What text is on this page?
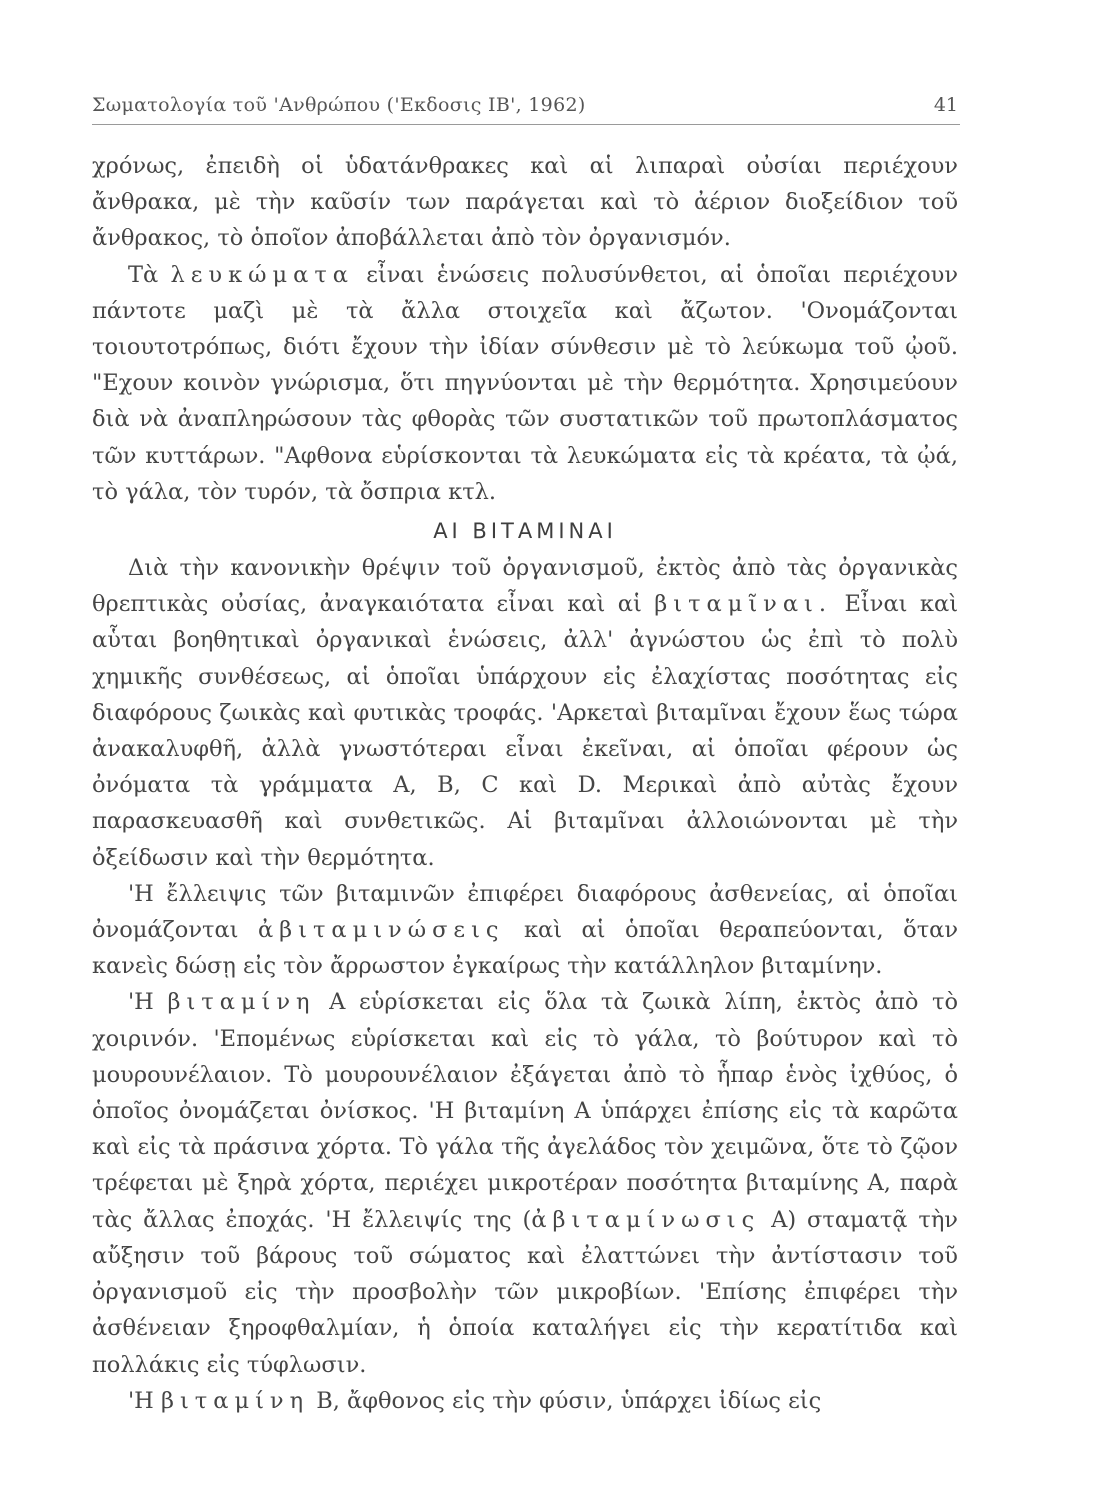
Σωματολογία τοῦ 'Ανθρώπου ('Εκδοσις ΙΒ', 1962)	41

χρόνως, ἐπειδὴ οἱ ὑδατάνθρακες καὶ αἱ λιπαραὶ οὐσίαι περιέχουν ἄνθρακα, μὲ τὴν καῦσίν των παράγεται καὶ τὸ ἀέριον διοξείδιον τοῦ ἄνθρακος, τὸ ὁποῖον ἀποβάλλεται ἀπὸ τὸν ὀργανισμόν.

Τὰ λευκώματα εἶναι ἑνώσεις πολυσύνθετοι, αἱ ὁποῖαι περιέχουν πάντοτε μαζὶ μὲ τὰ ἄλλα στοιχεῖα καὶ ἄζωτον. 'Ονομάζονται τοιουτοτρόπως, διότι ἔχουν τὴν ἰδίαν σύνθεσιν μὲ τὸ λεύκωμα τοῦ ᾠοῦ. "Εχουν κοινὸν γνώρισμα, ὅτι πηγνύονται μὲ τὴν θερμότητα. Χρησιμεύουν διὰ νὰ ἀναπληρώσουν τὰς φθορὰς τῶν συστατικῶν τοῦ πρωτοπλάσματος τῶν κυττάρων. "Αφθονα εὑρίσκονται τὰ λευκώματα εἰς τὰ κρέατα, τὰ ᾠά, τὸ γάλα, τὸν τυρόν, τὰ ὄσπρια κτλ.

ΑΙ ΒΙΤΑΜΙΝΑΙ

Διὰ τὴν κανονικὴν θρέψιν τοῦ ὀργανισμοῦ, ἐκτὸς ἀπὸ τὰς ὀργανικὰς θρεπτικὰς οὐσίας, ἀναγκαιότατα εἶναι καὶ αἱ βιταμῖναι. Εἶναι καὶ αὗται βοηθητικαὶ ὀργανικαὶ ἑνώσεις, ἀλλ' ἀγνώστου ὡς ἐπὶ τὸ πολὺ χημικῆς συνθέσεως, αἱ ὁποῖαι ὑπάρχουν εἰς ἐλαχίστας ποσότητας εἰς διαφόρους ζωικὰς καὶ φυτικὰς τροφάς. 'Αρκεταὶ βιταμῖναι ἔχουν ἕως τώρα ἀνακαλυφθῆ, ἀλλὰ γνωστότεραι εἶναι ἐκεῖναι, αἱ ὁποῖαι φέρουν ὡς ὀνόματα τὰ γράμματα Α, Β, C καὶ D. Μερικαὶ ἀπὸ αὐτὰς ἔχουν παρασκευασθῆ καὶ συνθετικῶς. Αἱ βιταμῖναι ἀλλοιώνονται μὲ τὴν ὀξείδωσιν καὶ τὴν θερμότητα.

'Η ἔλλειψις τῶν βιταμινῶν ἐπιφέρει διαφόρους ἀσθενείας, αἱ ὁποῖαι ὀνομάζονται ἀβιταμινώσεις καὶ αἱ ὁποῖαι θεραπεύονται, ὅταν κανεὶς δώσῃ εἰς τὸν ἄρρωστον ἐγκαίρως τὴν κατάλληλον βιταμίνην.

'Η βιταμίνη Α εὑρίσκεται εἰς ὅλα τὰ ζωικὰ λίπη, ἐκτὸς ἀπὸ τὸ χοιρινόν. 'Επομένως εὑρίσκεται καὶ εἰς τὸ γάλα, τὸ βούτυρον καὶ τὸ μουρουνέλαιον. Τὸ μουρουνέλαιον ἐξάγεται ἀπὸ τὸ ἧπαρ ἑνὸς ἰχθύος, ὁ ὁποῖος ὀνομάζεται ὀνίσκος. 'Η βιταμίνη Α ὑπάρχει ἐπίσης εἰς τὰ καρῶτα καὶ εἰς τὰ πράσινα χόρτα. Τὸ γάλα τῆς ἀγελάδος τὸν χειμῶνα, ὅτε τὸ ζῷον τρέφεται μὲ ξηρὰ χόρτα, περιέχει μικροτέραν ποσότητα βιταμίνης Α, παρὰ τὰς ἄλλας ἐποχάς. 'Η ἔλλειψίς της (ἀβιταμίνωσις Α) σταματᾷ τὴν αὔξησιν τοῦ βάρους τοῦ σώματος καὶ ἐλαττώνει τὴν ἀντίστασιν τοῦ ὀργανισμοῦ εἰς τὴν προσβολὴν τῶν μικροβίων. 'Επίσης ἐπιφέρει τὴν ἀσθένειαν ξηροφθαλμίαν, ἡ ὁποία καταλήγει εἰς τὴν κερατίτιδα καὶ πολλάκις εἰς τύφλωσιν.

'Η βιταμίνη Β, ἄφθονος εἰς τὴν φύσιν, ὑπάρχει ἰδίως εἰς
